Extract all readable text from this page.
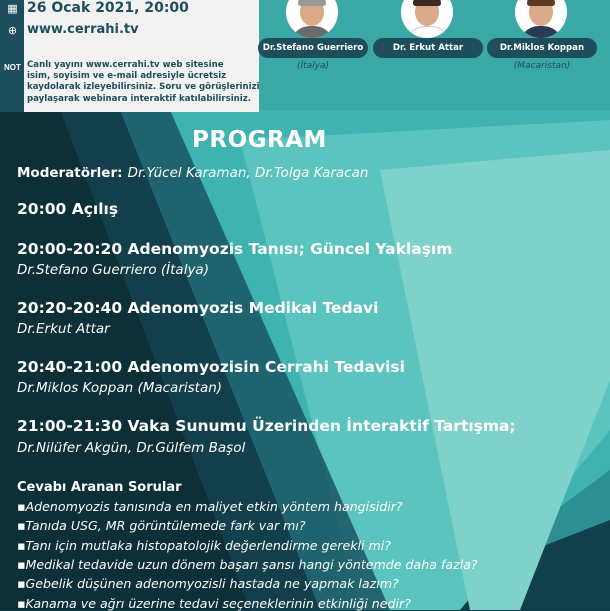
▦ 26 Ocak 2021, 20:00
⊕ www.cerrahi.tv
NOT Canlı yayını www.cerrahi.tv web sitesine
isim, soyisim ve e-mail adresiyle ücretsiz
kaydolarak izleyebilirsiniz. Soru ve görüşlerinizi
paylaşarak webinara interaktif katılabilirsiniz.
Dr.Stefano Guerriero
(İtalya)
Dr. Erkut Attar	Dr.Miklos Koppan
(Macaristan)
PROGRAM
Moderatörler: Dr.Yücel Karaman, Dr.Tolga Karacan
20:00 Açılış
20:00-20:20 Adenomyozis Tanısı; Güncel Yaklaşım
Dr.Stefano Guerriero (İtalya)
20:20-20:40 Adenomyozis Medikal Tedavi
Dr.Erkut Attar
20:40-21:00 Adenomyozisin Cerrahi Tedavisi
Dr.Miklos Koppan (Macaristan)
21:00-21:30 Vaka Sunumu Üzerinden İnteraktif Tartışma;
Dr.Nilüfer Akgün, Dr.Gülfem Başol
Cevabı Aranan Sorular
▪Adenomyozis tanısında en maliyet etkin yöntem hangisidir?
▪Tanıda USG, MR görüntülemede fark var mı?
▪Tanı için mutlaka histopatolojik değerlendirme gerekli mi?
▪Medikal tedavide uzun dönem başarı şansı hangi yöntemde daha fazla?
▪Gebelik düşünen adenomyozisli hastada ne yapmak lazım?
▪Kanama ve ağrı üzerine tedavi seçeneklerinin etkinliği nedir?
